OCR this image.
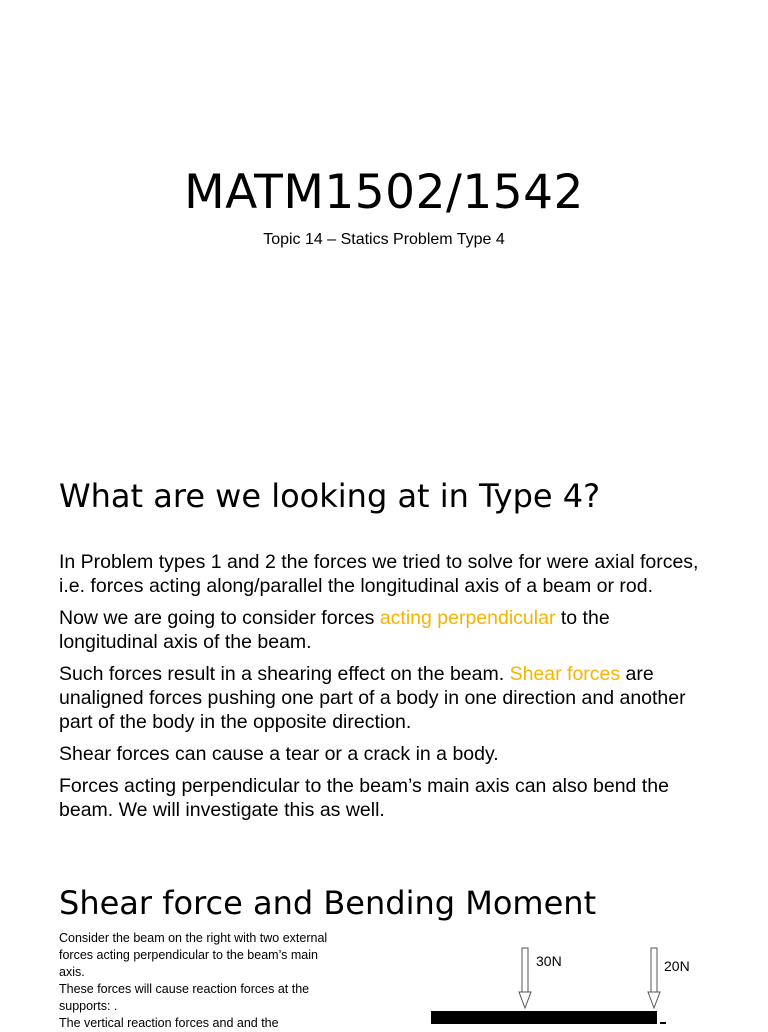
MATM1502/1542
Topic 14 – Statics Problem Type 4
What are we looking at in Type 4?

In Problem types 1 and 2 the forces we tried to solve for were axial forces, i.e. forces acting along/parallel the longitudinal axis of a beam or rod.

Now we are going to consider forces acting perpendicular to the longitudinal axis of the beam.

Such forces result in a shearing effect on the beam. Shear forces are unaligned forces pushing one part of a body in one direction and another part of the body in the opposite direction.

Shear forces can cause a tear or a crack in a body.

Forces acting perpendicular to the beam’s main axis can also bend the beam. We will investigate this as well.

Shear force and Bending Moment
Consider the beam on the right with two external
forces acting perpendicular to the beam’s main
axis.
These forces will cause reaction forces at the
supports: .
The vertical reaction forces and and the
30N	20N
